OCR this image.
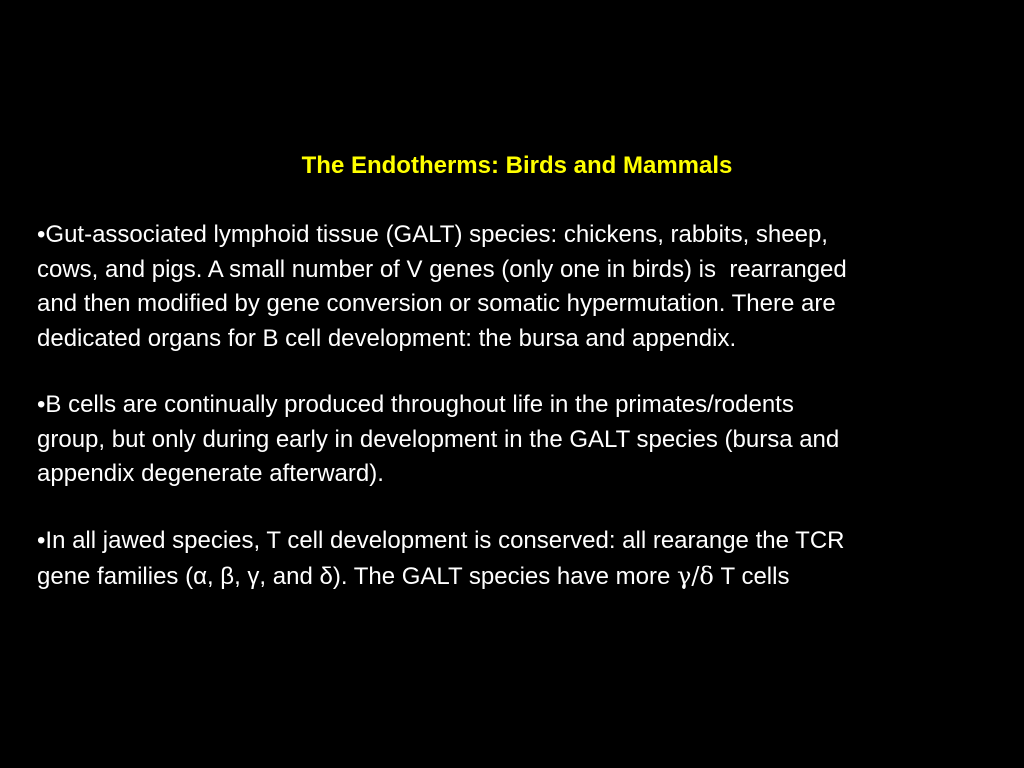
The Endotherms: Birds and Mammals
•Gut-associated lymphoid tissue (GALT) species: chickens, rabbits, sheep,
cows, and pigs. A small number of V genes (only one in birds) is  rearranged
and then modified by gene conversion or somatic hypermutation. There are
dedicated organs for B cell development: the bursa and appendix.
•B cells are continually produced throughout life in the primates/rodents
group, but only during early in development in the GALT species (bursa and
appendix degenerate afterward).
•In all jawed species, T cell development is conserved: all rearange the TCR
gene families (α, β, γ, and δ). The GALT species have more γ/δ T cells
